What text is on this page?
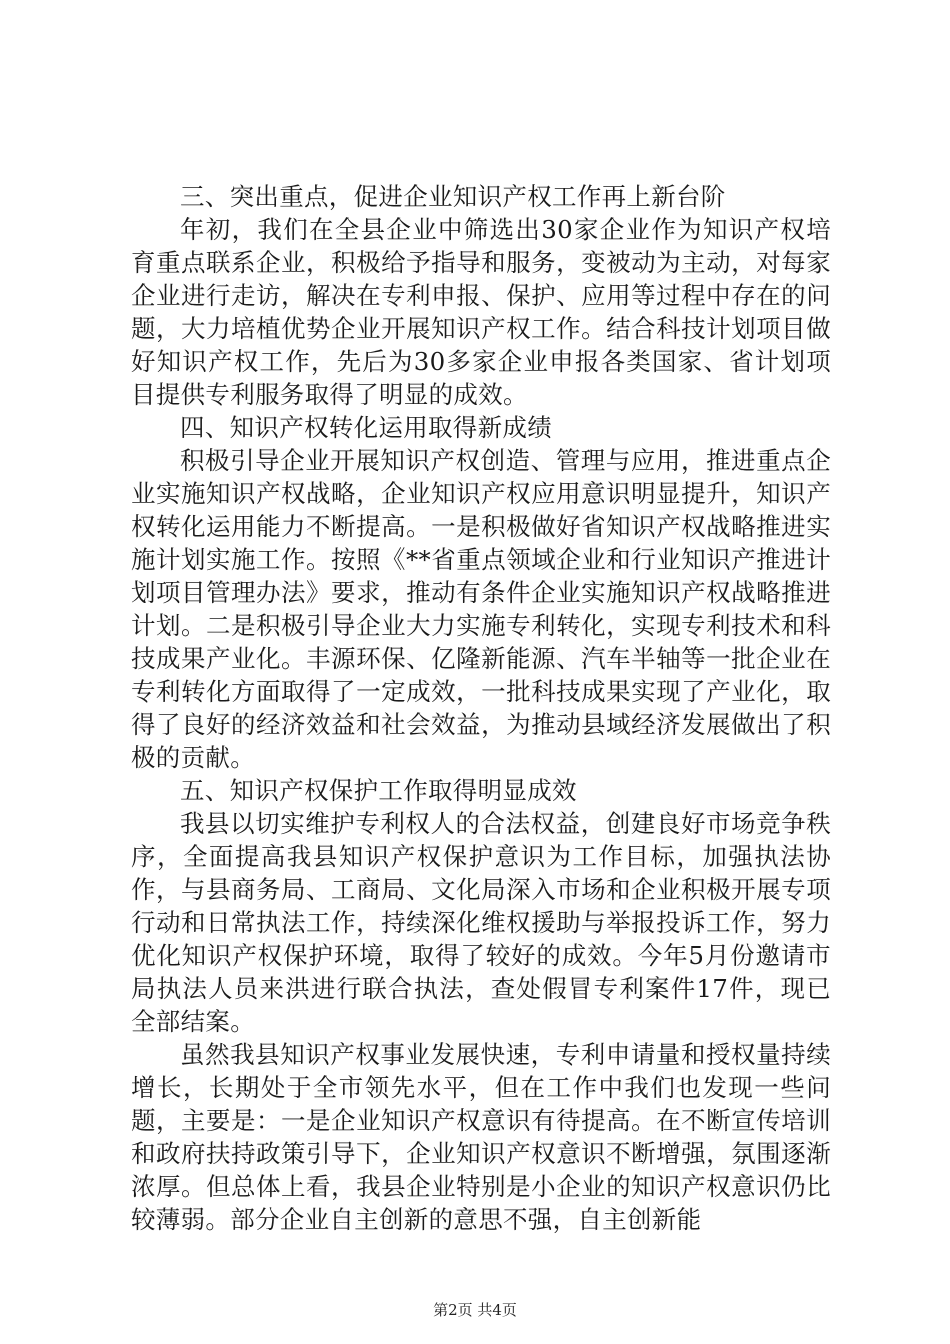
三、突出重点，促进企业知识产权工作再上新台阶

年初，我们在全县企业中筛选出30家企业作为知识产权培育重点联系企业，积极给予指导和服务，变被动为主动，对每家企业进行走访，解决在专利申报、保护、应用等过程中存在的问题，大力培植优势企业开展知识产权工作。结合科技计划项目做好知识产权工作，先后为30多家企业申报各类国家、省计划项目提供专利服务取得了明显的成效。

四、知识产权转化运用取得新成绩

积极引导企业开展知识产权创造、管理与应用，推进重点企业实施知识产权战略，企业知识产权应用意识明显提升，知识产权转化运用能力不断提高。一是积极做好省知识产权战略推进实施计划实施工作。按照《**省重点领域企业和行业知识产推进计划项目管理办法》要求，推动有条件企业实施知识产权战略推进计划。二是积极引导企业大力实施专利转化，实现专利技术和科技成果产业化。丰源环保、亿隆新能源、汽车半轴等一批企业在专利转化方面取得了一定成效，一批科技成果实现了产业化，取得了良好的经济效益和社会效益，为推动县域经济发展做出了积极的贡献。

五、知识产权保护工作取得明显成效

我县以切实维护专利权人的合法权益，创建良好市场竞争秩序，全面提高我县知识产权保护意识为工作目标，加强执法协作，与县商务局、工商局、文化局深入市场和企业积极开展专项行动和日常执法工作，持续深化维权援助与举报投诉工作，努力优化知识产权保护环境，取得了较好的成效。今年5月份邀请市局执法人员来洪进行联合执法，查处假冒专利案件17件，现已全部结案。

虽然我县知识产权事业发展快速，专利申请量和授权量持续增长，长期处于全市领先水平，但在工作中我们也发现一些问题，主要是：一是企业知识产权意识有待提高。在不断宣传培训和政府扶持政策引导下，企业知识产权意识不断增强，氛围逐渐浓厚。但总体上看，我县企业特别是小企业的知识产权意识仍比较薄弱。部分企业自主创新的意思不强，自主创新能

第2页 共4页
